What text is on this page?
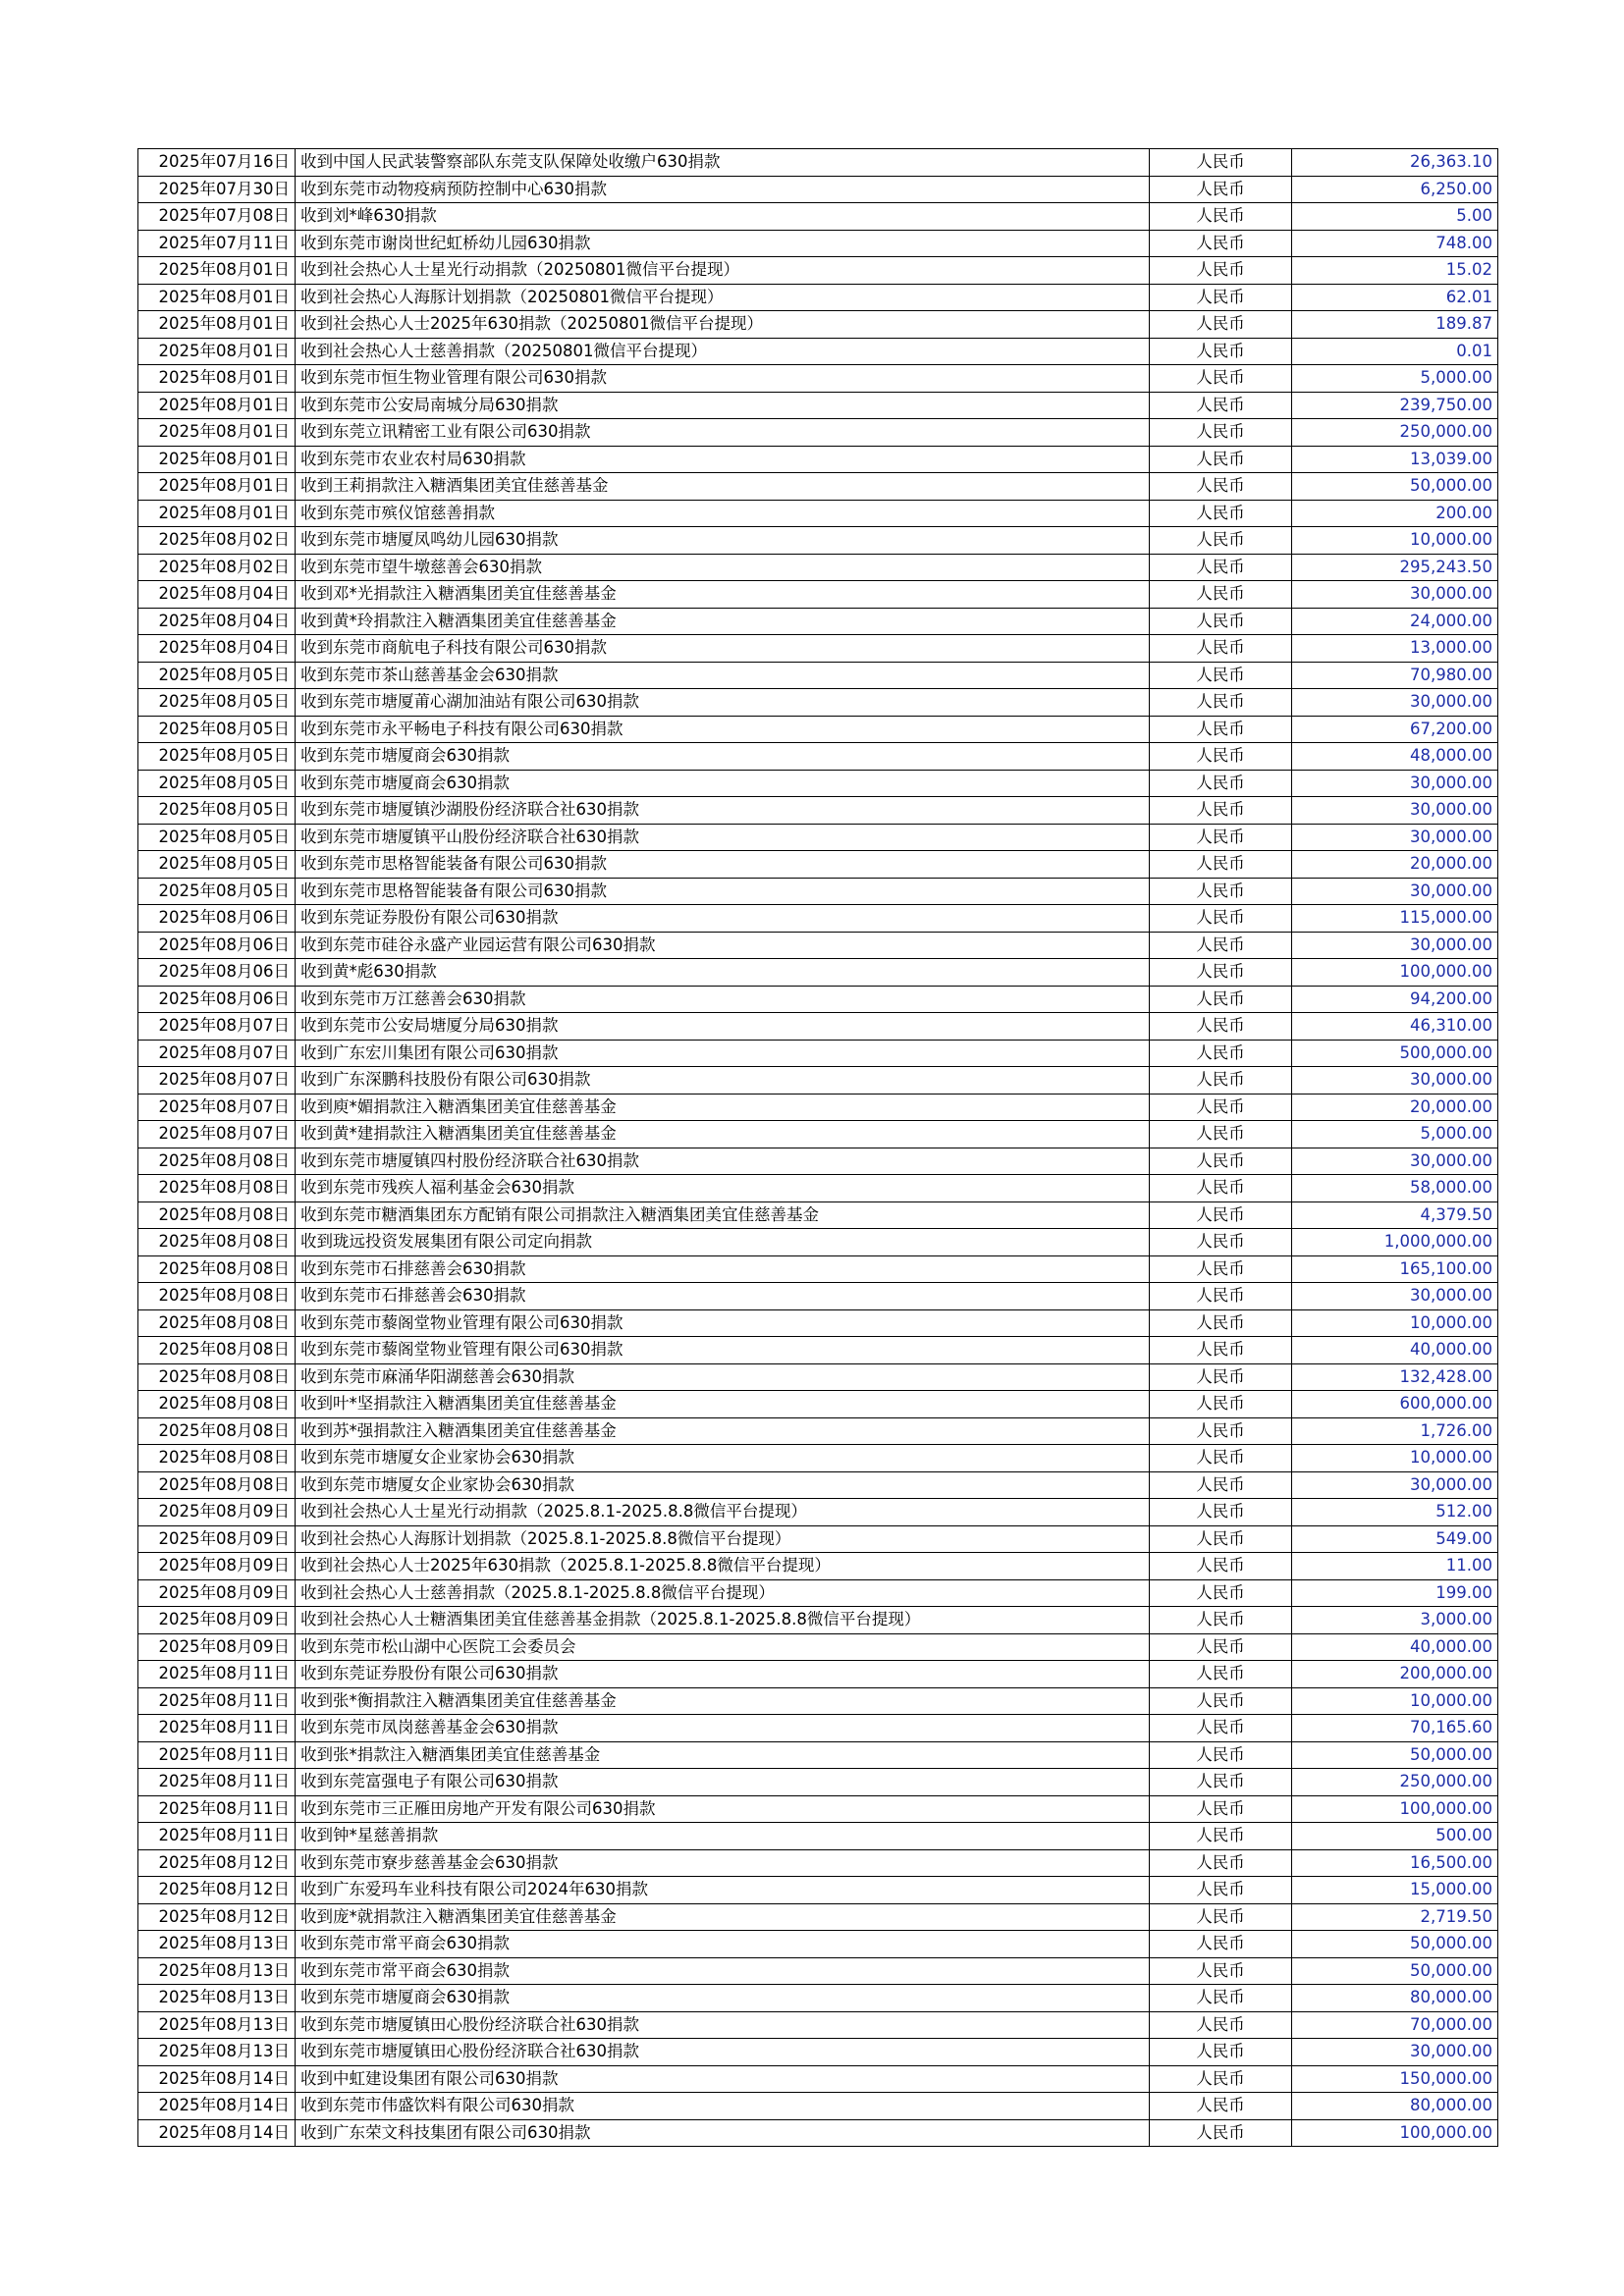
2025年07月16日	收到中国人民武装警察部队东莞支队保障处收缴户630捐款	人民币	26,363.10
2025年07月30日	收到东莞市动物疫病预防控制中心630捐款	人民币	6,250.00
2025年07月08日	收到刘*峰630捐款	人民币	5.00
2025年07月11日	收到东莞市谢岗世纪虹桥幼儿园630捐款	人民币	748.00
2025年08月01日	收到社会热心人士星光行动捐款（20250801微信平台提现）	人民币	15.02
2025年08月01日	收到社会热心人海豚计划捐款（20250801微信平台提现）	人民币	62.01
2025年08月01日	收到社会热心人士2025年630捐款（20250801微信平台提现）	人民币	189.87
2025年08月01日	收到社会热心人士慈善捐款（20250801微信平台提现）	人民币	0.01
2025年08月01日	收到东莞市恒生物业管理有限公司630捐款	人民币	5,000.00
2025年08月01日	收到东莞市公安局南城分局630捐款	人民币	239,750.00
2025年08月01日	收到东莞立讯精密工业有限公司630捐款	人民币	250,000.00
2025年08月01日	收到东莞市农业农村局630捐款	人民币	13,039.00
2025年08月01日	收到王莉捐款注入糖酒集团美宜佳慈善基金	人民币	50,000.00
2025年08月01日	收到东莞市殡仪馆慈善捐款	人民币	200.00
2025年08月02日	收到东莞市塘厦凤鸣幼儿园630捐款	人民币	10,000.00
2025年08月02日	收到东莞市望牛墩慈善会630捐款	人民币	295,243.50
2025年08月04日	收到邓*光捐款注入糖酒集团美宜佳慈善基金	人民币	30,000.00
2025年08月04日	收到黄*玲捐款注入糖酒集团美宜佳慈善基金	人民币	24,000.00
2025年08月04日	收到东莞市商航电子科技有限公司630捐款	人民币	13,000.00
2025年08月05日	收到东莞市茶山慈善基金会630捐款	人民币	70,980.00
2025年08月05日	收到东莞市塘厦莆心湖加油站有限公司630捐款	人民币	30,000.00
2025年08月05日	收到东莞市永平畅电子科技有限公司630捐款	人民币	67,200.00
2025年08月05日	收到东莞市塘厦商会630捐款	人民币	48,000.00
2025年08月05日	收到东莞市塘厦商会630捐款	人民币	30,000.00
2025年08月05日	收到东莞市塘厦镇沙湖股份经济联合社630捐款	人民币	30,000.00
2025年08月05日	收到东莞市塘厦镇平山股份经济联合社630捐款	人民币	30,000.00
2025年08月05日	收到东莞市思格智能装备有限公司630捐款	人民币	20,000.00
2025年08月05日	收到东莞市思格智能装备有限公司630捐款	人民币	30,000.00
2025年08月06日	收到东莞证券股份有限公司630捐款	人民币	115,000.00
2025年08月06日	收到东莞市硅谷永盛产业园运营有限公司630捐款	人民币	30,000.00
2025年08月06日	收到黄*彪630捐款	人民币	100,000.00
2025年08月06日	收到东莞市万江慈善会630捐款	人民币	94,200.00
2025年08月07日	收到东莞市公安局塘厦分局630捐款	人民币	46,310.00
2025年08月07日	收到广东宏川集团有限公司630捐款	人民币	500,000.00
2025年08月07日	收到广东深鹏科技股份有限公司630捐款	人民币	30,000.00
2025年08月07日	收到庾*媚捐款注入糖酒集团美宜佳慈善基金	人民币	20,000.00
2025年08月07日	收到黄*建捐款注入糖酒集团美宜佳慈善基金	人民币	5,000.00
2025年08月08日	收到东莞市塘厦镇四村股份经济联合社630捐款	人民币	30,000.00
2025年08月08日	收到东莞市残疾人福利基金会630捐款	人民币	58,000.00
2025年08月08日	收到东莞市糖酒集团东方配销有限公司捐款注入糖酒集团美宜佳慈善基金	人民币	4,379.50
2025年08月08日	收到珑远投资发展集团有限公司定向捐款	人民币	1,000,000.00
2025年08月08日	收到东莞市石排慈善会630捐款	人民币	165,100.00
2025年08月08日	收到东莞市石排慈善会630捐款	人民币	30,000.00
2025年08月08日	收到东莞市藜阁堂物业管理有限公司630捐款	人民币	10,000.00
2025年08月08日	收到东莞市藜阁堂物业管理有限公司630捐款	人民币	40,000.00
2025年08月08日	收到东莞市麻涌华阳湖慈善会630捐款	人民币	132,428.00
2025年08月08日	收到叶*坚捐款注入糖酒集团美宜佳慈善基金	人民币	600,000.00
2025年08月08日	收到苏*强捐款注入糖酒集团美宜佳慈善基金	人民币	1,726.00
2025年08月08日	收到东莞市塘厦女企业家协会630捐款	人民币	10,000.00
2025年08月08日	收到东莞市塘厦女企业家协会630捐款	人民币	30,000.00
2025年08月09日	收到社会热心人士星光行动捐款（2025.8.1-2025.8.8微信平台提现）	人民币	512.00
2025年08月09日	收到社会热心人海豚计划捐款（2025.8.1-2025.8.8微信平台提现）	人民币	549.00
2025年08月09日	收到社会热心人士2025年630捐款（2025.8.1-2025.8.8微信平台提现）	人民币	11.00
2025年08月09日	收到社会热心人士慈善捐款（2025.8.1-2025.8.8微信平台提现）	人民币	199.00
2025年08月09日	收到社会热心人士糖酒集团美宜佳慈善基金捐款（2025.8.1-2025.8.8微信平台提现）	人民币	3,000.00
2025年08月09日	收到东莞市松山湖中心医院工会委员会	人民币	40,000.00
2025年08月11日	收到东莞证券股份有限公司630捐款	人民币	200,000.00
2025年08月11日	收到张*衡捐款注入糖酒集团美宜佳慈善基金	人民币	10,000.00
2025年08月11日	收到东莞市凤岗慈善基金会630捐款	人民币	70,165.60
2025年08月11日	收到张*捐款注入糖酒集团美宜佳慈善基金	人民币	50,000.00
2025年08月11日	收到东莞富强电子有限公司630捐款	人民币	250,000.00
2025年08月11日	收到东莞市三正雁田房地产开发有限公司630捐款	人民币	100,000.00
2025年08月11日	收到钟*星慈善捐款	人民币	500.00
2025年08月12日	收到东莞市寮步慈善基金会630捐款	人民币	16,500.00
2025年08月12日	收到广东爱玛车业科技有限公司2024年630捐款	人民币	15,000.00
2025年08月12日	收到庞*就捐款注入糖酒集团美宜佳慈善基金	人民币	2,719.50
2025年08月13日	收到东莞市常平商会630捐款	人民币	50,000.00
2025年08月13日	收到东莞市常平商会630捐款	人民币	50,000.00
2025年08月13日	收到东莞市塘厦商会630捐款	人民币	80,000.00
2025年08月13日	收到东莞市塘厦镇田心股份经济联合社630捐款	人民币	70,000.00
2025年08月13日	收到东莞市塘厦镇田心股份经济联合社630捐款	人民币	30,000.00
2025年08月14日	收到中虹建设集团有限公司630捐款	人民币	150,000.00
2025年08月14日	收到东莞市伟盛饮料有限公司630捐款	人民币	80,000.00
2025年08月14日	收到广东荣文科技集团有限公司630捐款	人民币	100,000.00
